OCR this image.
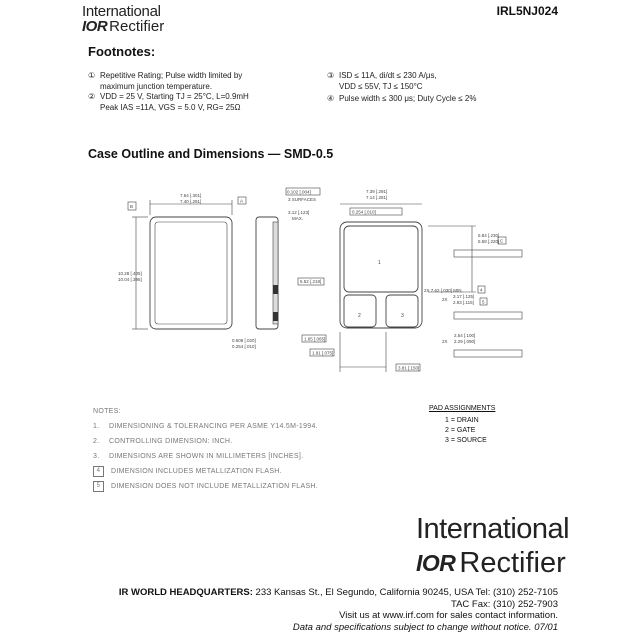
International
IOR Rectifier
IRL5NJ024
Footnotes:
① Repetitive Rating; Pulse width limited by
maximum junction temperature.
② VDD = 25 V, Starting TJ = 25°C, L=0.9mH
Peak IAS =11A, VGS = 5.0 V, RG= 25Ω
③ ISD ≤ 11A, di/dt ≤ 230 A/μs,
VDD ≤ 55V, TJ ≤ 150°C
④ Pulse width ≤ 300 μs; Duty Cycle ≤ 2%
Case Outline and Dimensions — SMD-0.5
7.64 [.301]
7.40 [.291]	A
B
10.28 [.405]
10.04 [.395]
0.102 [.004]
3 SURFACES
3.12 [.123]
MAX.
1
2	3
7.39 [.291]
7.14 [.281]
0.254 [.010]
5.52 [.218]
5.84 [.230]
5.58 [.220] C
2X 7.62 [.030] MIN.	4
2X
3.17 [.125]
2.93 [.115] 5
2.54 [.100]
2.29 [.090]
2X
0.508 [.020]
0.254 [.010]
1.65 [.065]
1.91 [.075]
3.81 [.150]
NOTES:
1.	DIMENSIONING & TOLERANCING PER ASME Y14.5M-1994.
2.	CONTROLLING DIMENSION: INCH.
3.	DIMENSIONS ARE SHOWN IN MILLIMETERS [INCHES].
4	DIMENSION INCLUDES METALLIZATION FLASH.
5	DIMENSION DOES NOT INCLUDE METALLIZATION FLASH.
PAD ASSIGNMENTS
1 = DRAIN
2 = GATE
3 = SOURCE
International
IOR Rectifier
IR WORLD HEADQUARTERS: 233 Kansas St., El Segundo, California 90245, USA Tel: (310) 252-7105
TAC Fax: (310) 252-7903
Visit us at www.irf.com for sales contact information.
Data and specifications subject to change without notice. 07/01
